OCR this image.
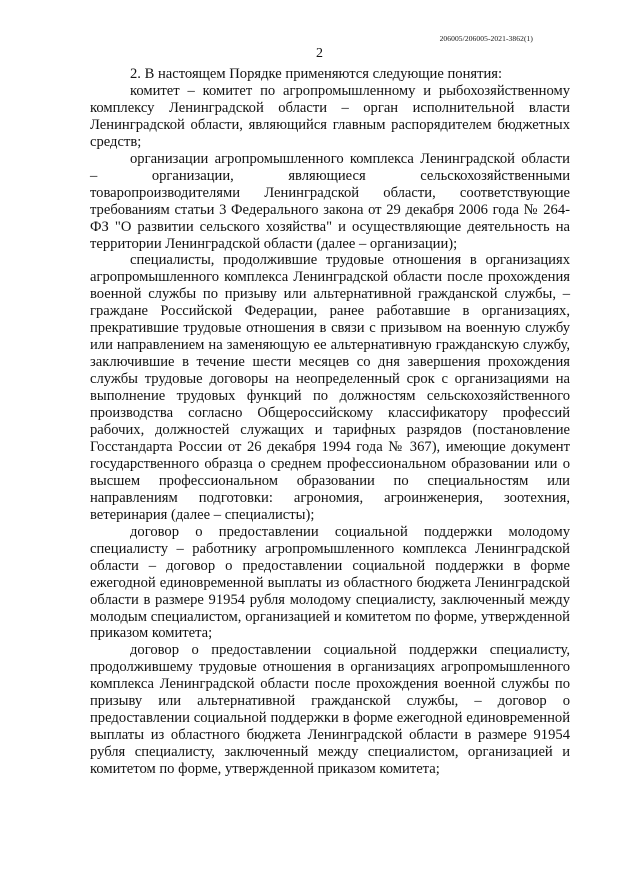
206005/206005-2021-3862(1)
2

2. В настоящем Порядке применяются следующие понятия:

комитет – комитет по агропромышленному и рыбохозяйственному комплексу Ленинградской области – орган исполнительной власти Ленинградской области, являющийся главным распорядителем бюджетных средств;

организации агропромышленного комплекса Ленинградской области – организации, являющиеся сельскохозяйственными товаропроизводителями Ленинградской области, соответствующие требованиям статьи 3 Федерального закона от 29 декабря 2006 года № 264-ФЗ "О развитии сельского хозяйства" и осуществляющие деятельность на территории Ленинградской области (далее – организации);

специалисты, продолжившие трудовые отношения в организациях агропромышленного комплекса Ленинградской области после прохождения военной службы по призыву или альтернативной гражданской службы, – граждане Российской Федерации, ранее работавшие в организациях, прекратившие трудовые отношения в связи с призывом на военную службу или направлением на заменяющую ее альтернативную гражданскую службу, заключившие в течение шести месяцев со дня завершения прохождения службы трудовые договоры на неопределенный срок с организациями на выполнение трудовых функций по должностям сельскохозяйственного производства согласно Общероссийскому классификатору профессий рабочих, должностей служащих и тарифных разрядов (постановление Госстандарта России от 26 декабря 1994 года № 367), имеющие документ государственного образца о среднем профессиональном образовании или о высшем профессиональном образовании по специальностям или направлениям подготовки: агрономия, агроинженерия, зоотехния, ветеринария (далее – специалисты);

договор о предоставлении социальной поддержки молодому специалисту – работнику агропромышленного комплекса Ленинградской области – договор о предоставлении социальной поддержки в форме ежегодной единовременной выплаты из областного бюджета Ленинградской области в размере 91954 рубля молодому специалисту, заключенный между молодым специалистом, организацией и комитетом по форме, утвержденной приказом комитета;

договор о предоставлении социальной поддержки специалисту, продолжившему трудовые отношения в организациях агропромышленного комплекса Ленинградской области после прохождения военной службы по призыву или альтернативной гражданской службы, – договор о предоставлении социальной поддержки в форме ежегодной единовременной выплаты из областного бюджета Ленинградской области в размере 91954 рубля специалисту, заключенный между специалистом, организацией и комитетом по форме, утвержденной приказом комитета;
